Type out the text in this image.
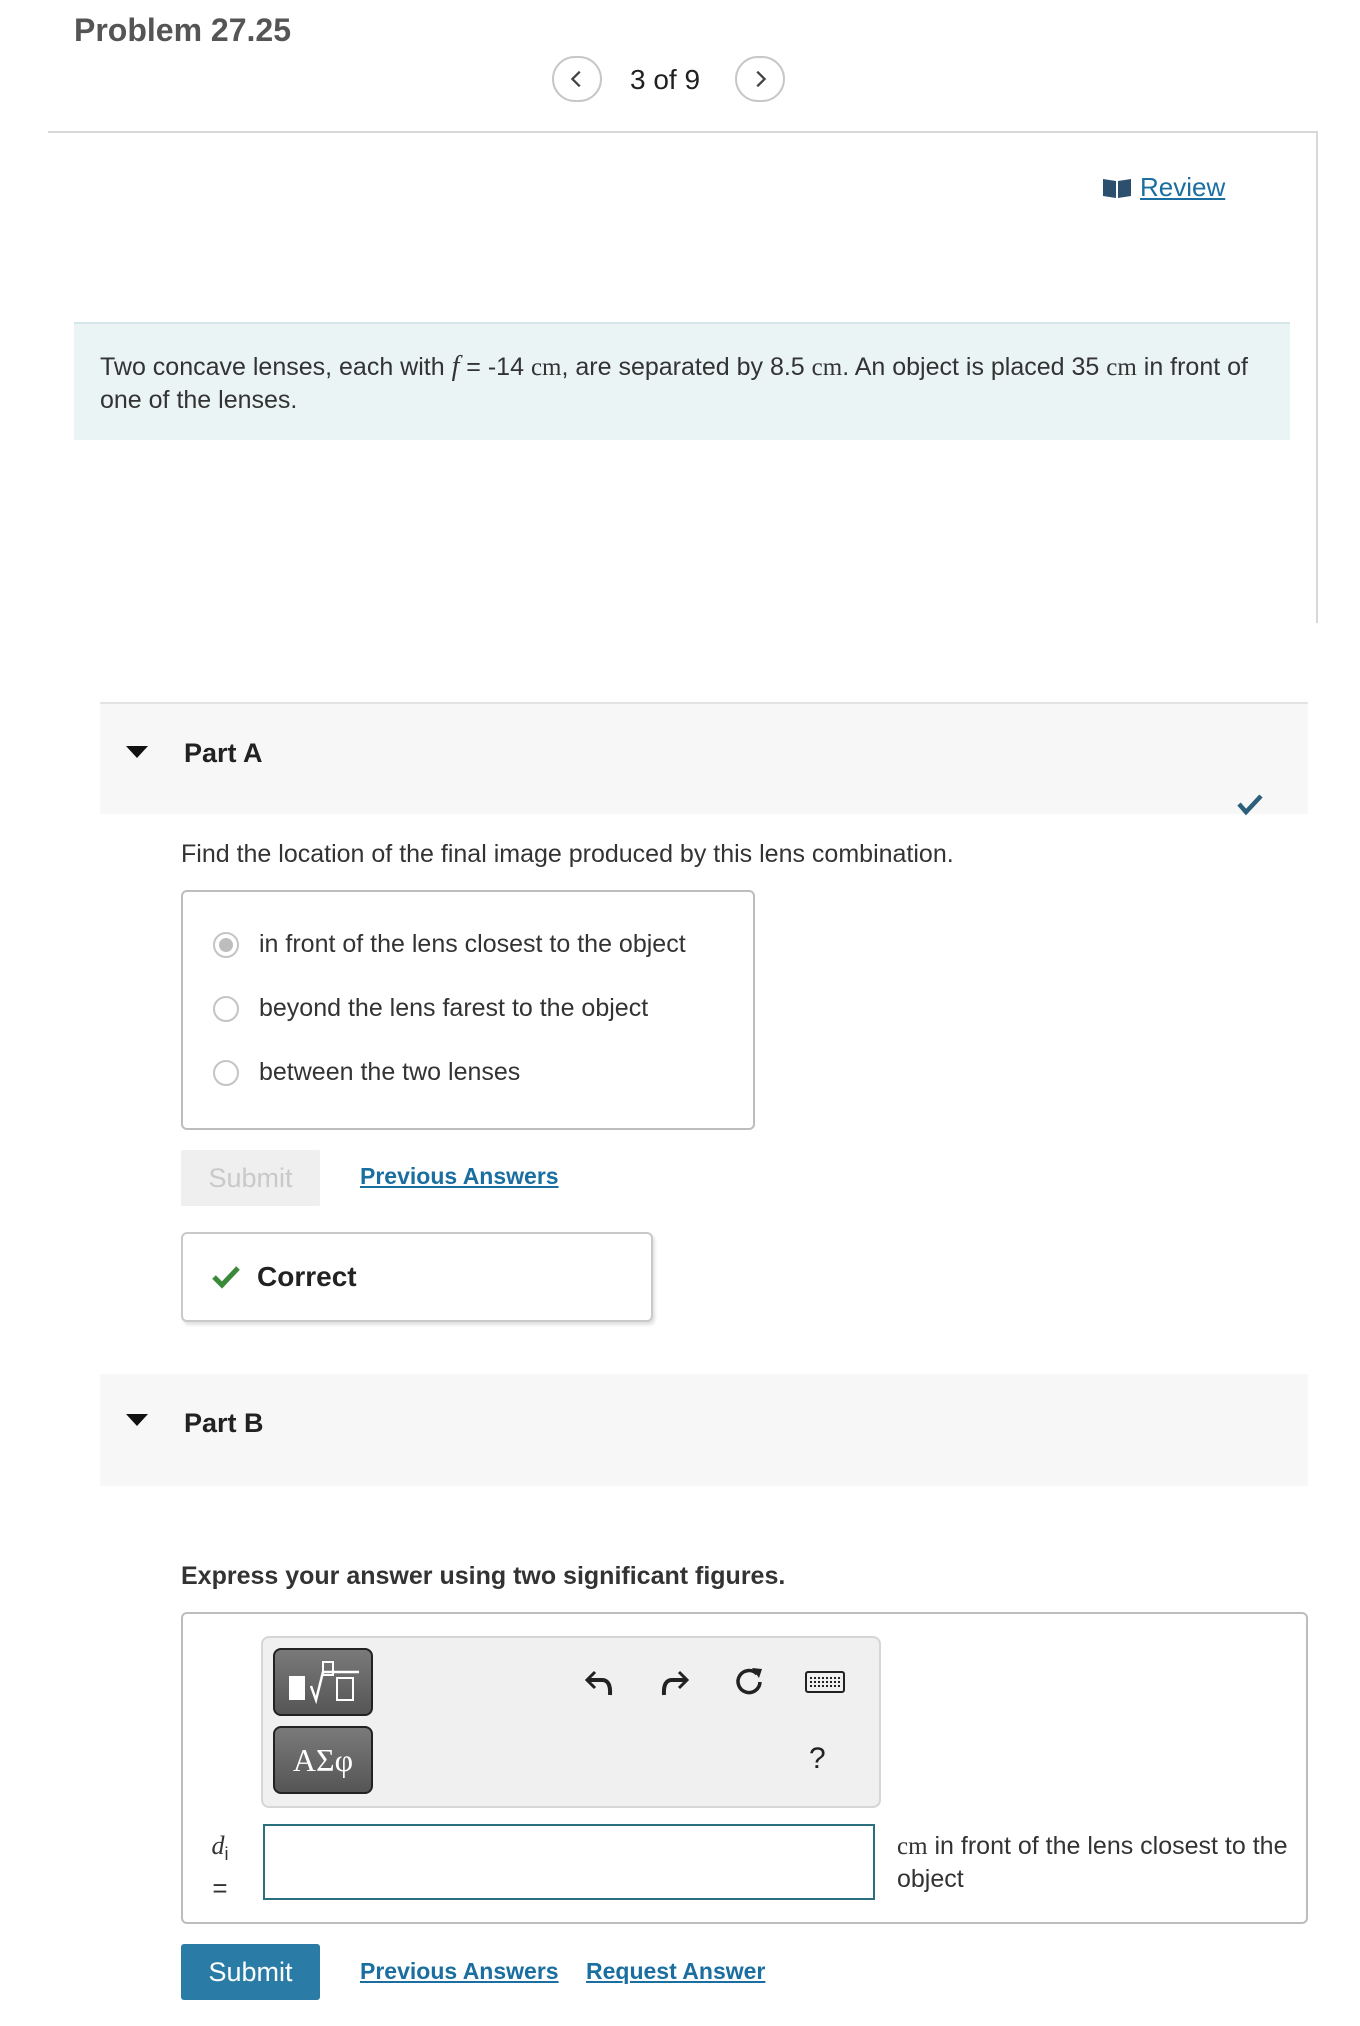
Problem 27.25
3 of 9
Review
Two concave lenses, each with f = -14 cm, are separated by 8.5 cm. An object is placed 35 cm in front of one of the lenses.
Part A
Find the location of the final image produced by this lens combination.
in front of the lens closest to the object
beyond the lens farest to the object
between the two lenses
Submit	Previous Answers
Correct
Part B
Express your answer using two significant figures.
ΑΣφ	?
$d_i$
=
cm in front of the lens closest to the object
Submit	Previous Answers Request Answer
